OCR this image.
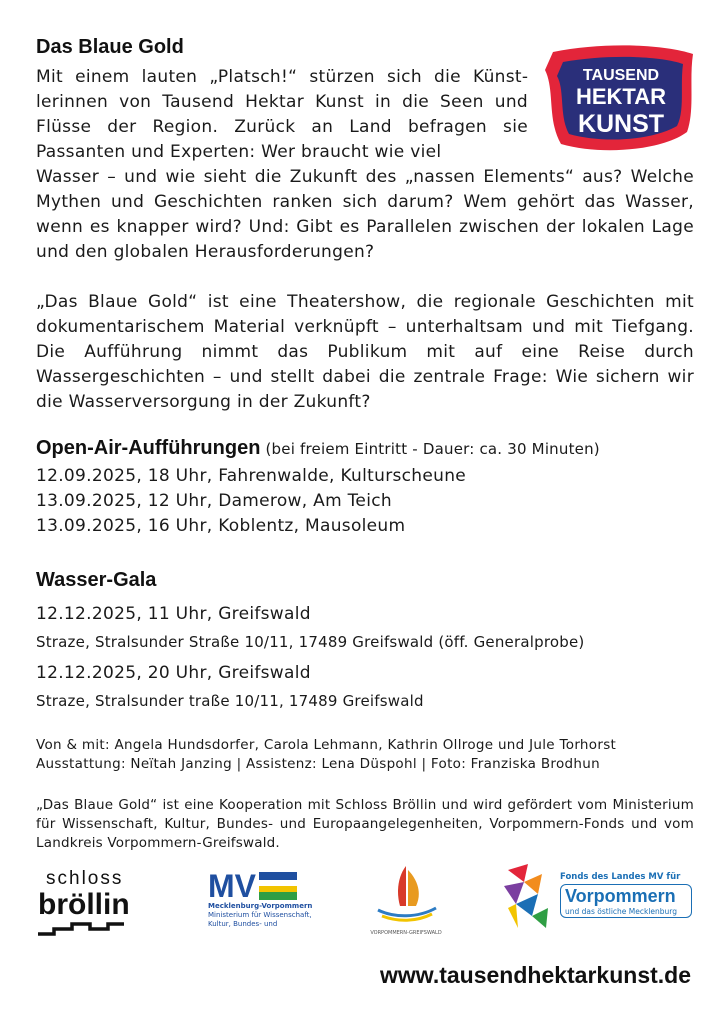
TAUSEND
HEKTAR
KUNST
Das Blaue Gold
Mit einem lauten „Platsch!“ stürzen sich die Künstlerinnen von Tausend Hektar Kunst in die Seen und Flüsse der Region. Zurück an Land befragen sie Passanten und Experten: Wer braucht wie viel
Wasser – und wie sieht die Zukunft des „nassen Elements“ aus? Welche Mythen und Geschichten ranken sich darum? Wem gehört das Wasser, wenn es knapper wird? Und: Gibt es Parallelen zwischen der lokalen Lage und den globalen Herausforderungen?

„Das Blaue Gold“ ist eine Theatershow, die regionale Geschichten mit dokumentarischem Material verknüpft – unterhaltsam und mit Tiefgang. Die Aufführung nimmt das Publikum mit auf eine Reise durch Wassergeschichten – und stellt dabei die zentrale Frage: Wie sichern wir die Wasserversorgung in der Zukunft?

Open-Air-Aufführungen (bei freiem Eintritt - Dauer: ca. 30 Minuten)
12.09.2025, 18 Uhr, Fahrenwalde, Kulturscheune
13.09.2025, 12 Uhr, Damerow, Am Teich
13.09.2025, 16 Uhr, Koblentz, Mausoleum
Wasser-Gala
12.12.2025, 11 Uhr, Greifswald
Straze, Stralsunder Straße 10/11, 17489 Greifswald (öff. Generalprobe)
12.12.2025, 20 Uhr, Greifswald
Straze, Stralsunder traße 10/11, 17489 Greifswald
Von & mit: Angela Hundsdorfer, Carola Lehmann, Kathrin Ollroge und Jule Torhorst
Ausstattung: Neïtah Janzing | Assistenz: Lena Düspohl | Foto: Franziska Brodhun
„Das Blaue Gold“ ist eine Kooperation mit Schloss Bröllin und wird gefördert vom Ministerium für Wissenschaft, Kultur, Bundes- und Europaangelegenheiten, Vorpommern-Fonds und vom Landkreis Vorpommern-Greifswald.
schloss
bröllin
MV
Mecklenburg-Vorpommern
Ministerium für Wissenschaft,
Kultur, Bundes- und
VORPOMMERN-GREIFSWALD
Fonds des Landes MV für
Vorpommern
und das östliche Mecklenburg
www.tausendhektarkunst.de
